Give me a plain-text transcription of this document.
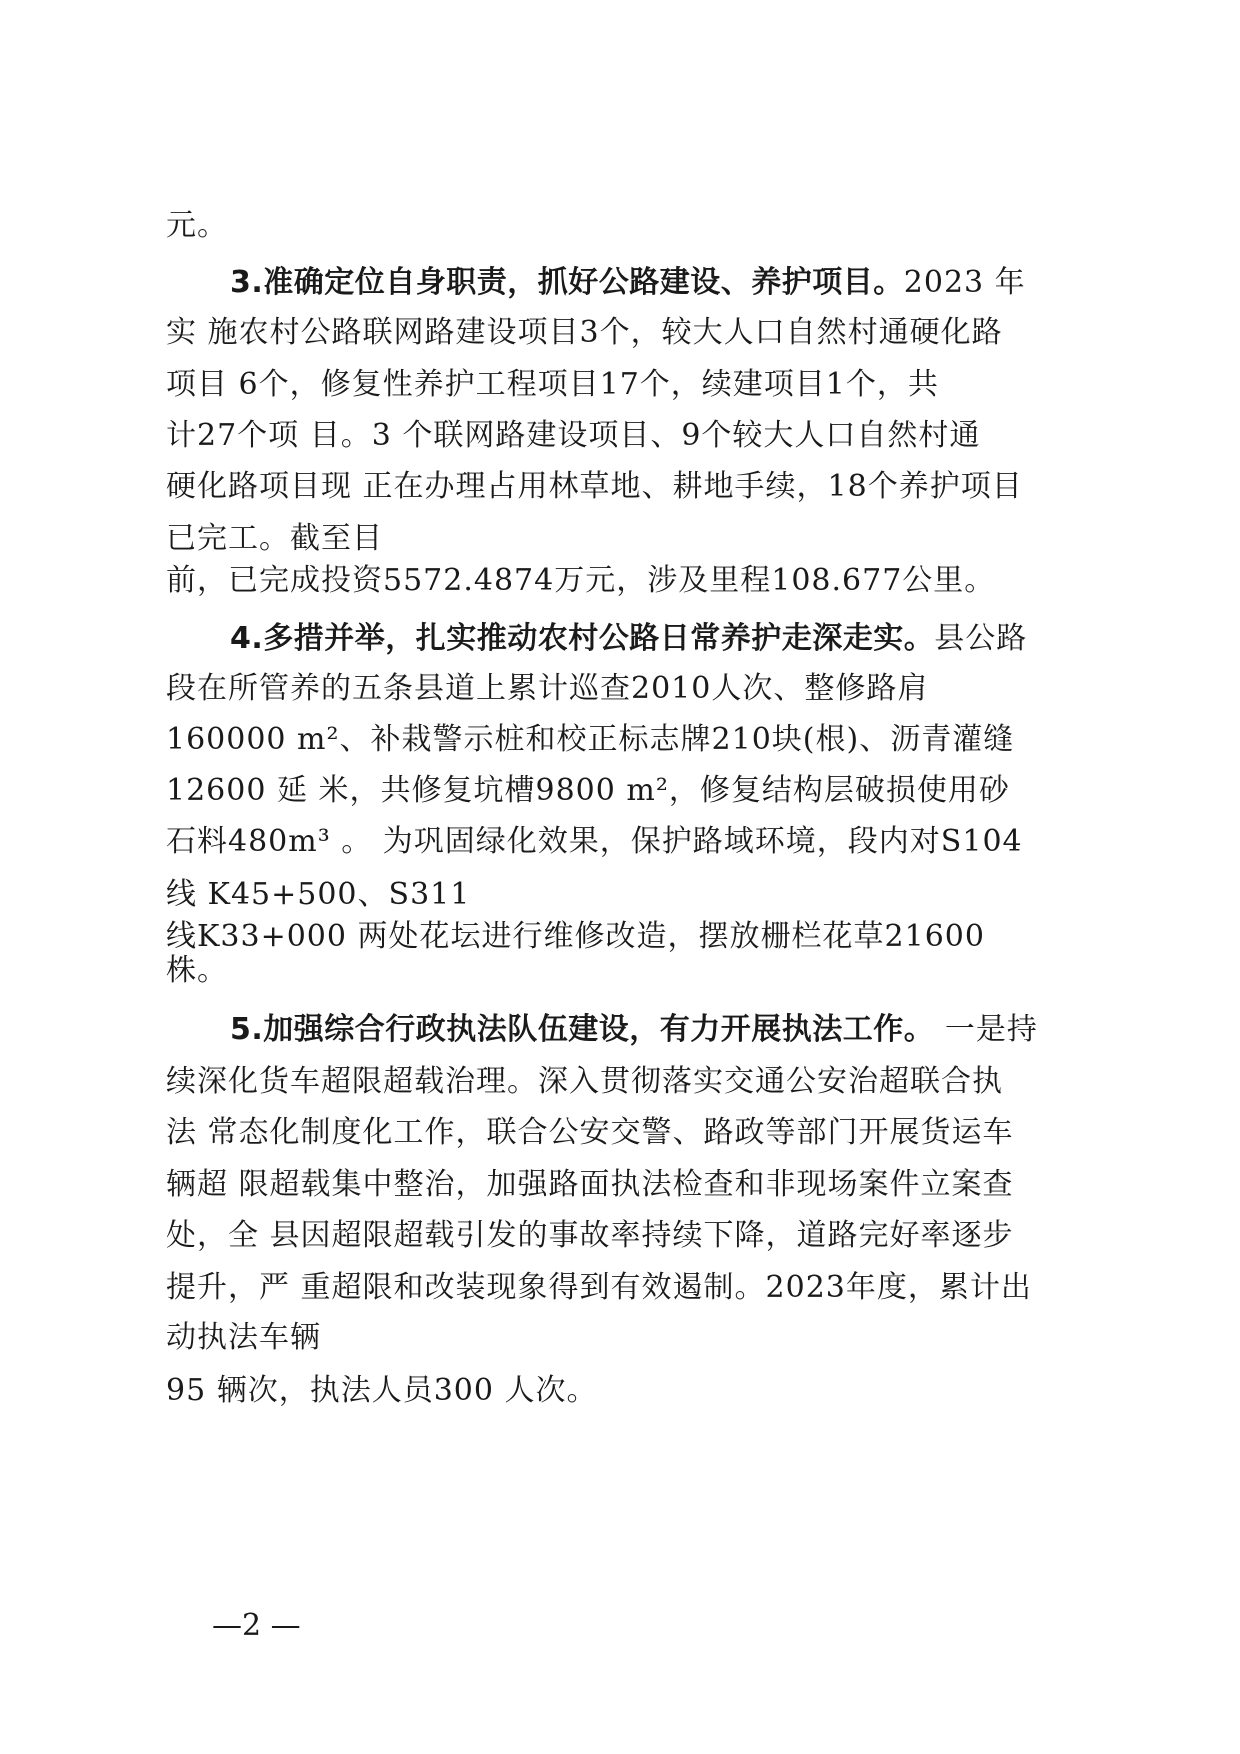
元。
3.准确定位自身职责，抓好公路建设、养护项目。2023 年
实 施农村公路联网路建设项目3个，较大人口自然村通硬化路
项目 6个，修复性养护工程项目17个，续建项目1个，共
计27个项 目。3 个联网路建设项目、9个较大人口自然村通
硬化路项目现 正在办理占用林草地、耕地手续，18个养护项目
已完工。截至目
前，已完成投资5572.4874万元，涉及里程108.677公里。
4.多措并举，扎实推动农村公路日常养护走深走实。县公路
段在所管养的五条县道上累计巡查2010人次、整修路肩
160000 m²、补栽警示桩和校正标志牌210块(根)、沥青灌缝
12600 延 米，共修复坑槽9800 m²，修复结构层破损使用砂
石料480m³ 。 为巩固绿化效果，保护路域环境，段内对S104
线 K45+500、S311
线K33+000 两处花坛进行维修改造，摆放栅栏花草21600
株。
5.加强综合行政执法队伍建设，有力开展执法工作。 一是持
续深化货车超限超载治理。深入贯彻落实交通公安治超联合执
法 常态化制度化工作，联合公安交警、路政等部门开展货运车
辆超 限超载集中整治，加强路面执法检查和非现场案件立案查
处，全 县因超限超载引发的事故率持续下降，道路完好率逐步
提升，严 重超限和改装现象得到有效遏制。2023年度，累计出
动执法车辆
95 辆次，执法人员300 人次。
—2 —
